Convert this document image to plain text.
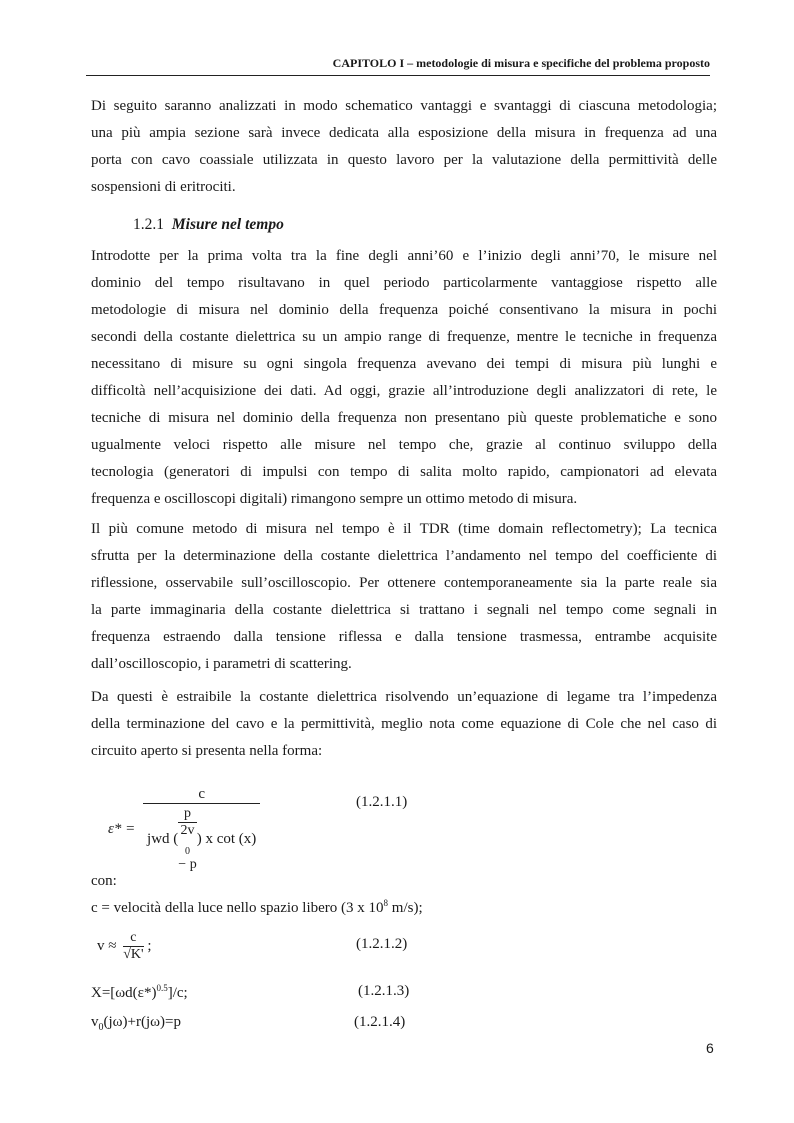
CAPITOLO I – metodologie di misura e specifiche del problema proposto

Di seguito saranno analizzati in modo schematico vantaggi e svantaggi di ciascuna metodologia;

una più ampia sezione sarà invece dedicata alla esposizione della misura in frequenza ad una

porta con cavo coassiale utilizzata in questo lavoro per la valutazione della permittività delle

sospensioni di eritrociti.

1.2.1 Misure nel tempo

Introdotte per la prima volta tra la fine degli anni’60 e l’inizio degli anni’70, le misure nel

dominio del tempo risultavano in quel periodo particolarmente vantaggiose rispetto alle

metodologie di misura nel dominio della frequenza poiché consentivano la misura in pochi

secondi della costante dielettrica su un ampio range di frequenze, mentre le tecniche in frequenza

necessitano di misure su ogni singola frequenza avevano dei tempi di misura più lunghi e

difficoltà nell’acquisizione dei dati. Ad oggi, grazie all’introduzione degli analizzatori di rete, le

tecniche di misura nel dominio della frequenza non presentano più queste problematiche e sono

ugualmente veloci rispetto alle misure nel tempo che, grazie al continuo sviluppo della

tecnologia (generatori di impulsi con tempo di salita molto rapido, campionatori ad elevata

frequenza e oscilloscopi digitali) rimangono sempre un ottimo metodo di misura.

Il più comune metodo di misura nel tempo è il TDR (time domain reflectometry); La tecnica

sfrutta per la determinazione della costante dielettrica l’andamento nel tempo del coefficiente di

riflessione, osservabile sull’oscilloscopio. Per ottenere contemporaneamente sia la parte reale sia

la parte immaginaria della costante dielettrica si trattano i segnali nel tempo come segnali in

frequenza estraendo dalla tensione riflessa e dalla tensione trasmessa, entrambe acquisite

dall’oscilloscopio, i parametri di scattering.

Da questi è estraibile la costante dielettrica risolvendo un’equazione di legame tra l’impedenza

della terminazione del cavo e la permittività, meglio nota come equazione di Cole che nel caso di

circuito aperto si presenta nella forma:

ε* = c
jwd ( p
2v
$_0$
− p ) x cot (x)	(1.2.1.1)
con:
c = velocità della luce nello spazio libero (3 x $10^8$ m/s);
$v \approx \frac{c}{√K'}$ ;	(1.2.1.2)
$X=[\omega d(\varepsilon*)^{0.5}]/c$;	(1.2.1.3)
$v_0(j\omega)+r(j\omega)=p$	(1.2.1.4)
6
